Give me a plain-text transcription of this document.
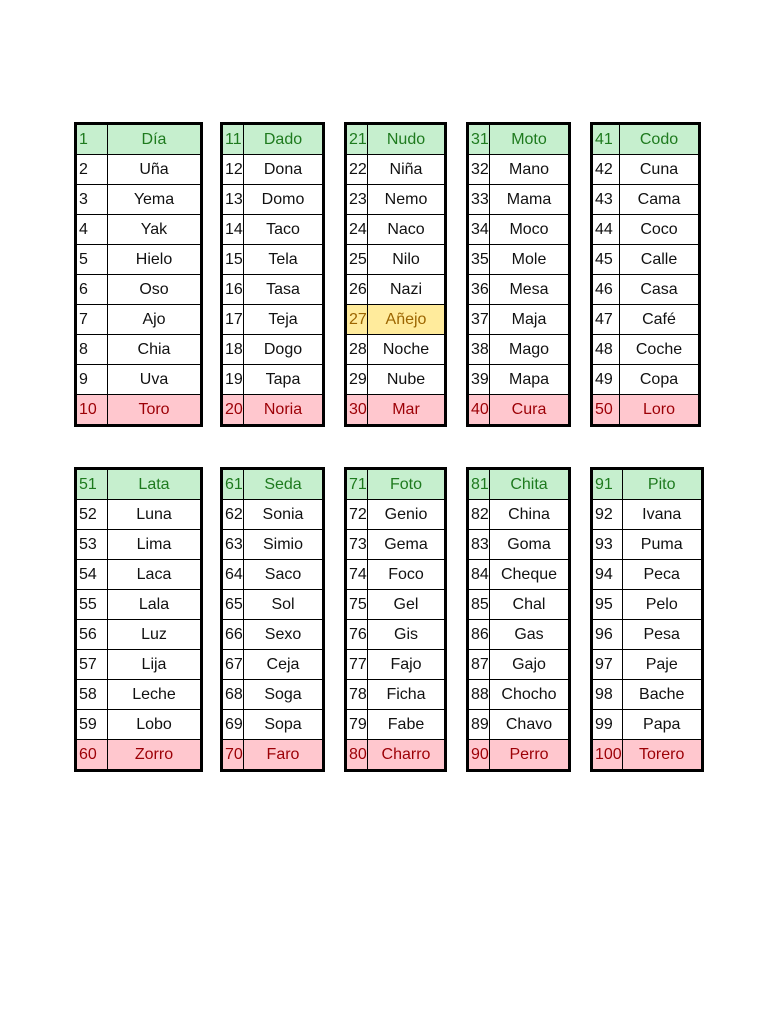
1	Día
2	Uña
3	Yema
4	Yak
5	Hielo
6	Oso
7	Ajo
8	Chia
9	Uva
10	Toro
11	Dado
12	Dona
13	Domo
14	Taco
15	Tela
16	Tasa
17	Teja
18	Dogo
19	Tapa
20	Noria
21	Nudo
22	Niña
23	Nemo
24	Naco
25	Nilo
26	Nazi
27	Añejo
28	Noche
29	Nube
30	Mar
31	Moto
32	Mano
33	Mama
34	Moco
35	Mole
36	Mesa
37	Maja
38	Mago
39	Mapa
40	Cura
41	Codo
42	Cuna
43	Cama
44	Coco
45	Calle
46	Casa
47	Café
48	Coche
49	Copa
50	Loro
51	Lata
52	Luna
53	Lima
54	Laca
55	Lala
56	Luz
57	Lija
58	Leche
59	Lobo
60	Zorro
61	Seda
62	Sonia
63	Simio
64	Saco
65	Sol
66	Sexo
67	Ceja
68	Soga
69	Sopa
70	Faro
71	Foto
72	Genio
73	Gema
74	Foco
75	Gel
76	Gis
77	Fajo
78	Ficha
79	Fabe
80	Charro
81	Chita
82	China
83	Goma
84	Cheque
85	Chal
86	Gas
87	Gajo
88	Chocho
89	Chavo
90	Perro
91	Pito
92	Ivana
93	Puma
94	Peca
95	Pelo
96	Pesa
97	Paje
98	Bache
99	Papa
100	Torero
